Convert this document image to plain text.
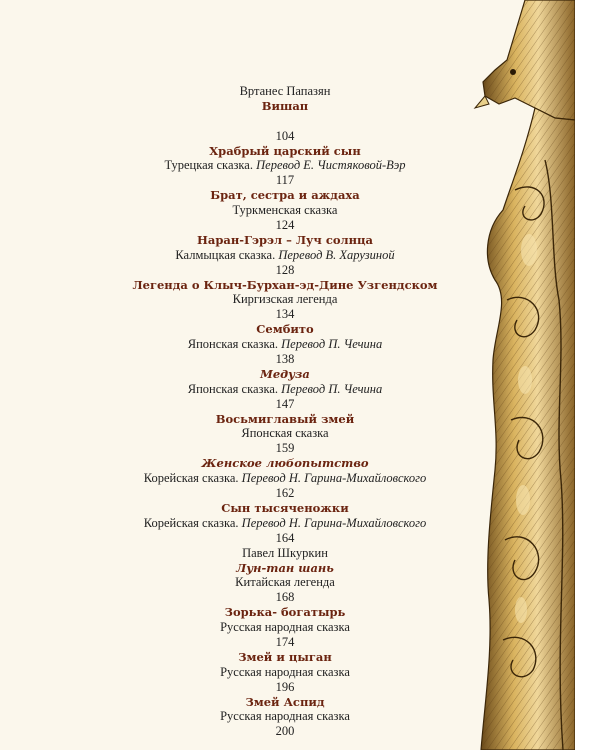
Вртанес Папазян
Вишап
104
Храбрый царский сын
Турецкая сказка. Перевод Е. Чистяковой-Вэр
117
Брат, сестра и аждаха
Туркменская сказка
124
Наран-Гэрэл – Луч солнца
Калмыцкая сказка. Перевод В. Харузиной
128
Легенда о Клыч-Бурхан-эд-Дине Узгендском
Киргизская легенда
134
Сембито
Японская сказка. Перевод П. Чечина
138
Медуза
Японская сказка. Перевод П. Чечина
147
Восьмиглавый змей
Японская сказка
159
Женское любопытство
Корейская сказка. Перевод Н. Гарина-Михайловского
162
Сын тысяченожки
Корейская сказка. Перевод Н. Гарина-Михайловского
164
Павел Шкуркин
Лун-тан шань
Китайская легенда
168
Зорька- богатырь
Русская народная сказка
174
Змей и цыган
Русская народная сказка
196
Змей Аспид
Русская народная сказка
200
